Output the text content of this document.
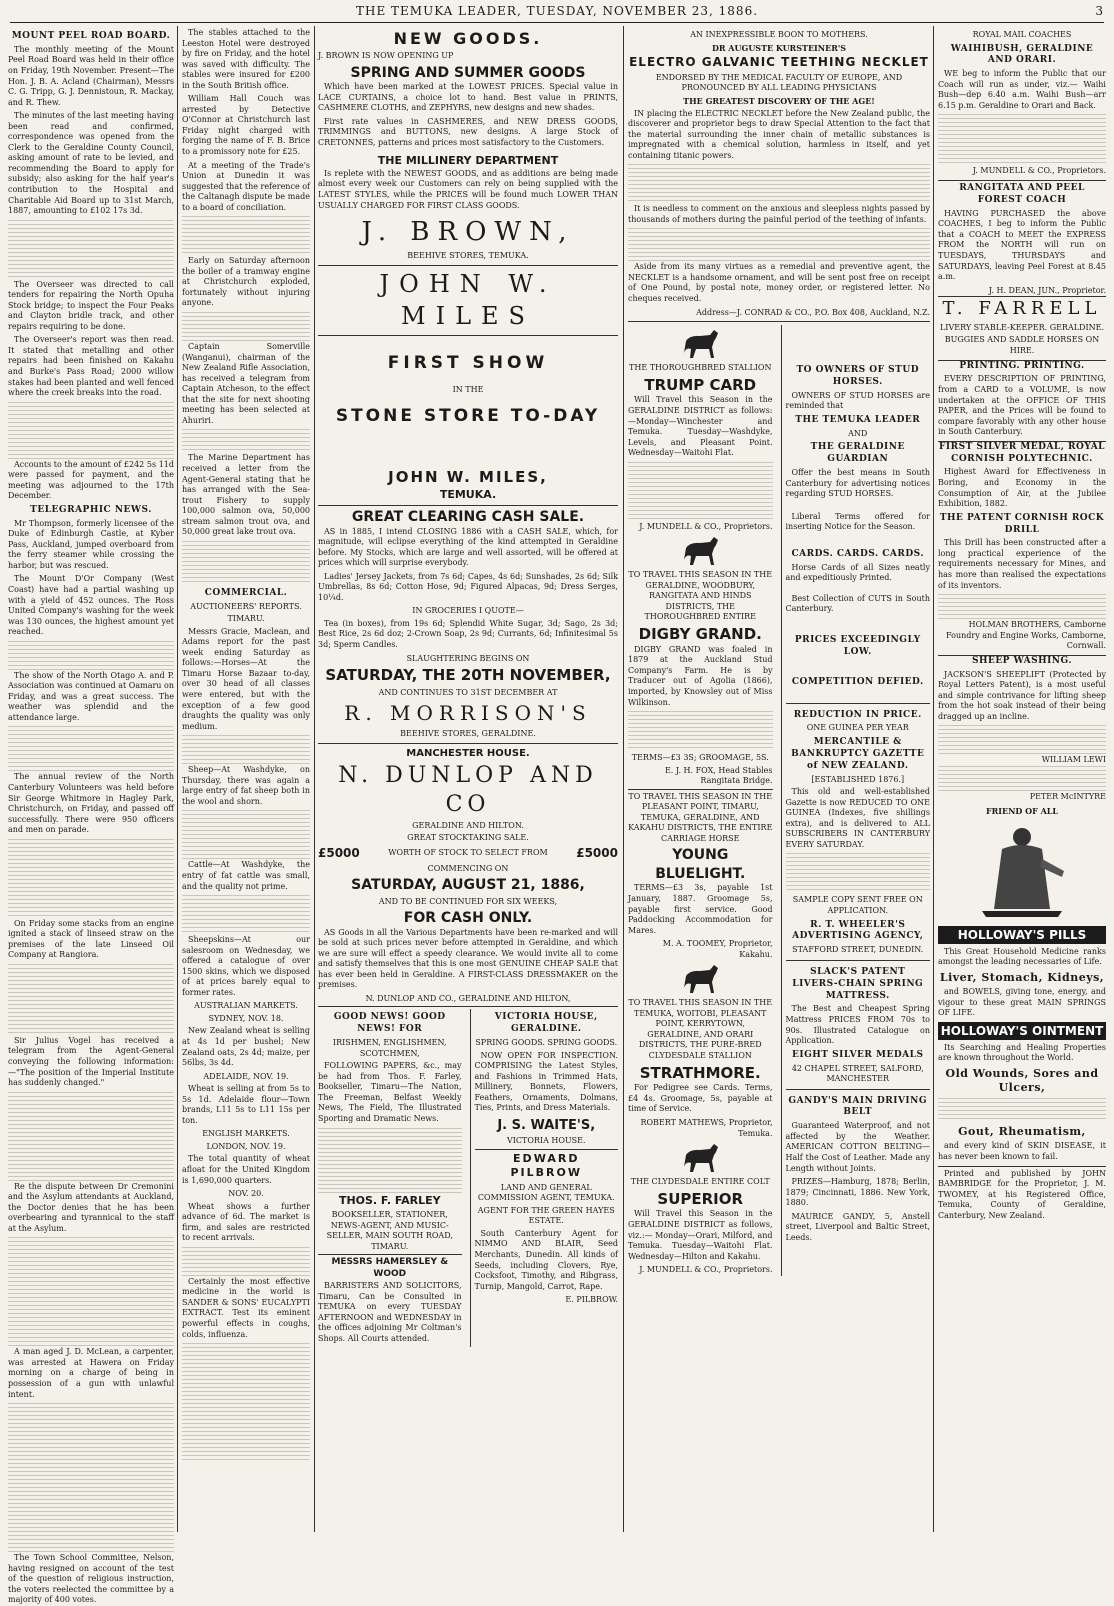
THE TEMUKA LEADER, TUESDAY, NOVEMBER 23, 1886.	3
MOUNT PEEL ROAD BOARD.

The monthly meeting of the Mount Peel Road Board was held in their office on Friday, 19th November. Present—The Hon. J. B. A. Acland (Chairman), Messrs C. G. Tripp, G. J. Dennistoun, R. Mackay, and R. Thew.

The minutes of the last meeting having been read and confirmed, correspondence was opened from the Clerk to the Geraldine County Council, asking amount of rate to be levied, and recommending the Board to apply for subsidy; also asking for the half year's contribution to the Hospital and Charitable Aid Board up to 31st March, 1887, amounting to £102 17s 3d.

The Overseer was directed to call tenders for repairing the North Opuha Stock bridge; to inspect the Four Peaks and Clayton bridle track, and other repairs requiring to be done.

The Overseer's report was then read. It stated that metalling and other repairs had been finished on Kakahu and Burke's Pass Road; 2000 willow stakes had been planted and well fenced where the creek breaks into the road.

Accounts to the amount of £242 5s 11d were passed for payment, and the meeting was adjourned to the 17th December.

TELEGRAPHIC NEWS.

Mr Thompson, formerly licensee of the Duke of Edinburgh Castle, at Kyber Pass, Auckland, jumped overboard from the ferry steamer while crossing the harbor, but was rescued.

The Mount D'Or Company (West Coast) have had a partial washing up with a yield of 452 ounces. The Ross United Company's washing for the week was 130 ounces, the highest amount yet reached.

The show of the North Otago A. and P. Association was continued at Oamaru on Friday, and was a great success. The weather was splendid and the attendance large.

The annual review of the North Canterbury Volunteers was held before Sir George Whitmore in Hagley Park, Christchurch, on Friday, and passed off successfully. There were 950 officers and men on parade.

On Friday some stacks from an engine ignited a stack of linseed straw on the premises of the late Linseed Oil Company at Rangiora.

Sir Julius Vogel has received a telegram from the Agent-General conveying the following information:—"The position of the Imperial Institute has suddenly changed."

Re the dispute between Dr Cremonini and the Asylum attendants at Auckland, the Doctor denies that he has been overbearing and tyrannical to the staff at the Asylum.

A man aged J. D. McLean, a carpenter, was arrested at Hawera on Friday morning on a charge of being in possession of a gun with unlawful intent.

The Town School Committee, Nelson, having resigned on account of the test of the question of religious instruction, the voters reelected the committee by a majority of 400 votes.

The stables attached to the Leeston Hotel were destroyed by fire on Friday, and the hotel was saved with difficulty. The stables were insured for £200 in the South British office.

William Hall Couch was arrested by Detective O'Connor at Christchurch last Friday night charged with forging the name of F. B. Brice to a promissory note for £25.

At a meeting of the Trade's Union at Dunedin it was suggested that the reference of the Caltanagh dispute be made to a board of conciliation.

Early on Saturday afternoon the boiler of a tramway engine at Christchurch exploded, fortunately without injuring anyone.

Captain Somerville (Wanganui), chairman of the New Zealand Rifle Association, has received a telegram from Captain Atcheson, to the effect that the site for next shooting meeting has been selected at Ahuriri.

The Marine Department has received a letter from the Agent-General stating that he has arranged with the Sea-trout Fishery to supply 100,000 salmon ova, 50,000 stream salmon trout ova, and 50,000 great lake trout ova.

COMMERCIAL.
AUCTIONEERS' REPORTS.
TIMARU.

Messrs Gracie, Maclean, and Adams report for the past week ending Saturday as follows:—Horses—At the Timaru Horse Bazaar to-day, over 30 head of all classes were entered, but with the exception of a few good draughts the quality was only medium.

Sheep—At Washdyke, on Thursday, there was again a large entry of fat sheep both in the wool and shorn.

Cattle—At Washdyke, the entry of fat cattle was small, and the quality not prime.

Sheepskins—At our salesroom on Wednesday, we offered a catalogue of over 1500 skins, which we disposed of at prices barely equal to former rates.

AUSTRALIAN MARKETS.
SYDNEY, NOV. 18.

New Zealand wheat is selling at 4s 1d per bushel; New Zealand oats, 2s 4d; maize, per 56lbs, 3s 4d.

ADELAIDE, NOV. 19.

Wheat is selling at from 5s to 5s 1d. Adelaide flour—Town brands, L11 5s to L11 15s per ton.

ENGLISH MARKETS.
LONDON, NOV. 19.

The total quantity of wheat afloat for the United Kingdom is 1,690,000 quarters.

NOV. 20.

Wheat shows a further advance of 6d. The market is firm, and sales are restricted to recent arrivals.

Certainly the most effective medicine in the world is SANDER & SONS' EUCALYPTI EXTRACT. Test its eminent powerful effects in coughs, colds, influenza.

NEW GOODS.
J. BROWN IS NOW OPENING UP
SPRING AND SUMMER GOODS

Which have been marked at the LOWEST PRICES. Special value in LACE CURTAINS, a choice lot to hand. Best value in PRINTS, CASHMERE CLOTHS, and ZEPHYRS, new designs and new shades.

First rate values in CASHMERES, and NEW DRESS GOODS, TRIMMINGS and BUTTONS, new designs. A large Stock of CRETONNES, patterns and prices most satisfactory to the Customers.

THE MILLINERY DEPARTMENT

Is replete with the NEWEST GOODS, and as additions are being made almost every week our Customers can rely on being supplied with the LATEST STYLES, while the PRICES will be found much LOWER THAN USUALLY CHARGED FOR FIRST CLASS GOODS.

J. BROWN,
BEEHIVE STORES, TEMUKA.
JOHN W. MILES
FIRST SHOW
IN THE
STONE STORE TO-DAY
JOHN W. MILES,
TEMUKA.
GREAT CLEARING CASH SALE.

AS in 1885, I intend CLOSING 1886 with a CASH SALE, which, for magnitude, will eclipse everything of the kind attempted in Geraldine before. My Stocks, which are large and well assorted, will be offered at prices which will surprise everybody.

Ladies' Jersey Jackets, from 7s 6d; Capes, 4s 6d; Sunshades, 2s 6d; Silk Umbrellas, 8s 6d; Cotton Hose, 9d; Figured Alpacas, 9d; Dress Serges, 10¼d.

IN GROCERIES I QUOTE—

Tea (in boxes), from 19s 6d; Splendid White Sugar, 3d; Sago, 2s 3d; Best Rice, 2s 6d doz; 2-Crown Soap, 2s 9d; Currants, 6d; Infinitesimal 5s 3d; Sperm Candles.

SLAUGHTERING BEGINS ON
SATURDAY, THE 20TH NOVEMBER,
AND CONTINUES TO 31ST DECEMBER AT
R. MORRISON'S
BEEHIVE STORES, GERALDINE.
MANCHESTER HOUSE.
N. DUNLOP AND CO
GERALDINE AND HILTON.
GREAT STOCKTAKING SALE.
£5000	WORTH OF STOCK TO SELECT FROM £5000
COMMENCING ON
SATURDAY, AUGUST 21, 1886,
AND TO BE CONTINUED FOR SIX WEEKS,
FOR CASH ONLY.

AS Goods in all the Various Departments have been re-marked and will be sold at such prices never before attempted in Geraldine, and which we are sure will effect a speedy clearance. We would invite all to come and satisfy themselves that this is one most GENUINE CHEAP SALE that has ever been held in Geraldine. A FIRST-CLASS DRESSMAKER on the premises.

N. DUNLOP AND CO., GERALDINE AND HILTON,
GOOD NEWS! GOOD NEWS! FOR
IRISHMEN, ENGLISHMEN, SCOTCHMEN,

FOLLOWING PAPERS, &c., may be had from Thos. F. Farley, Bookseller, Timaru—The Nation, The Freeman, Belfast Weekly News, The Field, The Illustrated Sporting and Dramatic News.

THOS. F. FARLEY
BOOKSELLER, STATIONER, NEWS-AGENT, AND MUSIC-SELLER, MAIN SOUTH ROAD, TIMARU.
MESSRS HAMERSLEY & WOOD

BARRISTERS AND SOLICITORS, Timaru, Can be Consulted in TEMUKA on every TUESDAY AFTERNOON and WEDNESDAY in the offices adjoining Mr Coltman's Shops. All Courts attended.

VICTORIA HOUSE, GERALDINE.
SPRING GOODS. SPRING GOODS.

NOW OPEN FOR INSPECTION. COMPRISING the Latest Styles, and Fashions in Trimmed Hats, Millinery, Bonnets, Flowers, Feathers, Ornaments, Dolmans, Ties, Prints, and Dress Materials.

J. S. WAITE'S,
VICTORIA HOUSE.
EDWARD PILBROW
LAND AND GENERAL COMMISSION AGENT, TEMUKA.
AGENT FOR THE GREEN HAYES ESTATE.

South Canterbury Agent for NIMMO AND BLAIR, Seed Merchants, Dunedin. All kinds of Seeds, including Clovers, Rye, Cocksfoot, Timothy, and Ribgrass, Turnip, Mangold, Carrot, Rape.

E. PILBROW.
AN INEXPRESSIBLE BOON TO MOTHERS.
DR AUGUSTE KURSTEINER'S
ELECTRO GALVANIC TEETHING NECKLET
ENDORSED BY THE MEDICAL FACULTY OF EUROPE, AND PRONOUNCED BY ALL LEADING PHYSICIANS
THE GREATEST DISCOVERY OF THE AGE!

IN placing the ELECTRIC NECKLET before the New Zealand public, the discoverer and proprietor begs to draw Special Attention to the fact that the material surrounding the inner chain of metallic substances is impregnated with a chemical solution, harmless in itself, and yet containing titanic powers.

It is needless to comment on the anxious and sleepless nights passed by thousands of mothers during the painful period of the teething of infants.

Aside from its many virtues as a remedial and preventive agent, the NECKLET is a handsome ornament, and will be sent post free on receipt of One Pound, by postal note, money order, or registered letter. No cheques received.

Address—J. CONRAD & CO., P.O. Box 408, Auckland, N.Z.
THE THOROUGHBRED STALLION
TRUMP CARD

Will Travel this Season in the GERALDINE DISTRICT as follows:—Monday—Winchester and Temuka. Tuesday—Washdyke, Levels, and Pleasant Point. Wednesday—Waitohi Flat.

J. MUNDELL & CO., Proprietors.
TO TRAVEL THIS SEASON IN THE GERALDINE, WOODBURY, RANGITATA AND HINDS DISTRICTS, THE THOROUGHBRED ENTIRE
DIGBY GRAND.

DIGBY GRAND was foaled in 1879 at the Auckland Stud Company's Farm. He is by Traducer out of Agolia (1866), imported, by Knowsley out of Miss Wilkinson.

TERMS—£3 3S; GROOMAGE, 5S.
E. J. H. FOX, Head Stables Rangitata Bridge.
TO TRAVEL THIS SEASON IN THE PLEASANT POINT, TIMARU, TEMUKA, GERALDINE, AND KAKAHU DISTRICTS, THE ENTIRE CARRIAGE HORSE
YOUNG BLUELIGHT.

TERMS—£3 3s, payable 1st January, 1887. Groomage 5s, payable first service. Good Paddocking Accommodation for Mares.

M. A. TOOMEY, Proprietor, Kakahu.
TO TRAVEL THIS SEASON IN THE TEMUKA, WOITOBI, PLEASANT POINT, KERRYTOWN, GERALDINE, AND ORARI DISTRICTS, THE PURE-BRED CLYDESDALE STALLION
STRATHMORE.

For Pedigree see Cards. Terms, £4 4s. Groomage, 5s, payable at time of Service.

ROBERT MATHEWS, Proprietor, Temuka.
THE CLYDESDALE ENTIRE COLT
SUPERIOR

Will Travel this Season in the GERALDINE DISTRICT as follows, viz.:— Monday—Orari, Milford, and Temuka. Tuesday—Waitohi Flat. Wednesday—Hilton and Kakahu.

J. MUNDELL & CO., Proprietors.
TO OWNERS OF STUD HORSES.

OWNERS OF STUD HORSES are reminded that

THE TEMUKA LEADER
AND
THE GERALDINE GUARDIAN

Offer the best means in South Canterbury for advertising notices regarding STUD HORSES.

Liberal Terms offered for inserting Notice for the Season.

CARDS. CARDS. CARDS.

Horse Cards of all Sizes neatly and expeditiously Printed.

Best Collection of CUTS in South Canterbury.

PRICES EXCEEDINGLY LOW.
COMPETITION DEFIED.
REDUCTION IN PRICE.
ONE GUINEA PER YEAR
MERCANTILE & BANKRUPTCY GAZETTE of NEW ZEALAND.
[ESTABLISHED 1876.]

This old and well-established Gazette is now REDUCED TO ONE GUINEA (Indexes, five shillings extra), and is delivered to ALL SUBSCRIBERS IN CANTERBURY EVERY SATURDAY.

SAMPLE COPY SENT FREE ON APPLICATION.
R. T. WHEELER'S ADVERTISING AGENCY,
STAFFORD STREET, DUNEDIN.
SLACK'S PATENT LIVERS-CHAIN SPRING MATTRESS.

The Best and Cheapest Spring Mattress PRICES FROM 70s to 90s. Illustrated Catalogue on Application.

EIGHT SILVER MEDALS
42 CHAPEL STREET, SALFORD, MANCHESTER
GANDY'S MAIN DRIVING BELT

Guaranteed Waterproof, and not affected by the Weather. AMERICAN COTTON BELTING—Half the Cost of Leather. Made any Length without Joints.

PRIZES—Hamburg, 1878; Berlin, 1879; Cincinnati, 1886. New York, 1880.

MAURICE GANDY, 5, Anstell street, Liverpool and Baltic Street, Leeds.

ROYAL MAIL COACHES
WAIHIBUSH, GERALDINE AND ORARI.

WE beg to inform the Public that our Coach will run as under, viz.— Waihi Bush—dep 6.40 a.m. Waihi Bush—arr 6.15 p.m. Geraldine to Orari and Back.

J. MUNDELL & CO., Proprietors.
RANGITATA AND PEEL FOREST COACH

HAVING PURCHASED the above COACHES, I beg to inform the Public that a COACH to MEET the EXPRESS FROM the NORTH will run on TUESDAYS, THURSDAYS and SATURDAYS, leaving Peel Forest at 8.45 a.m.

J. H. DEAN, JUN., Proprietor.
T. FARRELL
LIVERY STABLE-KEEPER. GERALDINE.
BUGGIES AND SADDLE HORSES ON HIRE.
PRINTING. PRINTING.

EVERY DESCRIPTION OF PRINTING, from a CARD to a VOLUME, is now undertaken at the OFFICE OF THIS PAPER, and the Prices will be found to compare favorably with any other house in South Canterbury.

FIRST SILVER MEDAL, ROYAL CORNISH POLYTECHNIC.

Highest Award for Effectiveness in Boring, and Economy in the Consumption of Air, at the Jubilee Exhibition, 1882.

THE PATENT CORNISH ROCK DRILL

This Drill has been constructed after a long practical experience of the requirements necessary for Mines, and has more than realised the expectations of its inventors.

HOLMAN BROTHERS, Camborne Foundry and Engine Works, Camborne, Cornwall.
SHEEP WASHING.

JACKSON'S SHEEPLIFT (Protected by Royal Letters Patent), is a most useful and simple contrivance for lifting sheep from the hot soak instead of their being dragged up an incline.

WILLIAM LEWI
PETER McINTYRE
FRIEND OF ALL
HOLLOWAY'S PILLS

This Great Household Medicine ranks amongst the leading necessaries of Life.

Liver, Stomach, Kidneys,

and BOWELS, giving tone, energy, and vigour to these great MAIN SPRINGS OF LIFE.

HOLLOWAY'S OINTMENT

Its Searching and Healing Properties are known throughout the World.

Old Wounds, Sores and Ulcers,
Gout, Rheumatism,

and every kind of SKIN DISEASE, it has never been known to fail.

Printed and published by JOHN BAMBRIDGE for the Proprietor, J. M. TWOMEY, at his Registered Office, Temuka, County of Geraldine, Canterbury, New Zealand.
